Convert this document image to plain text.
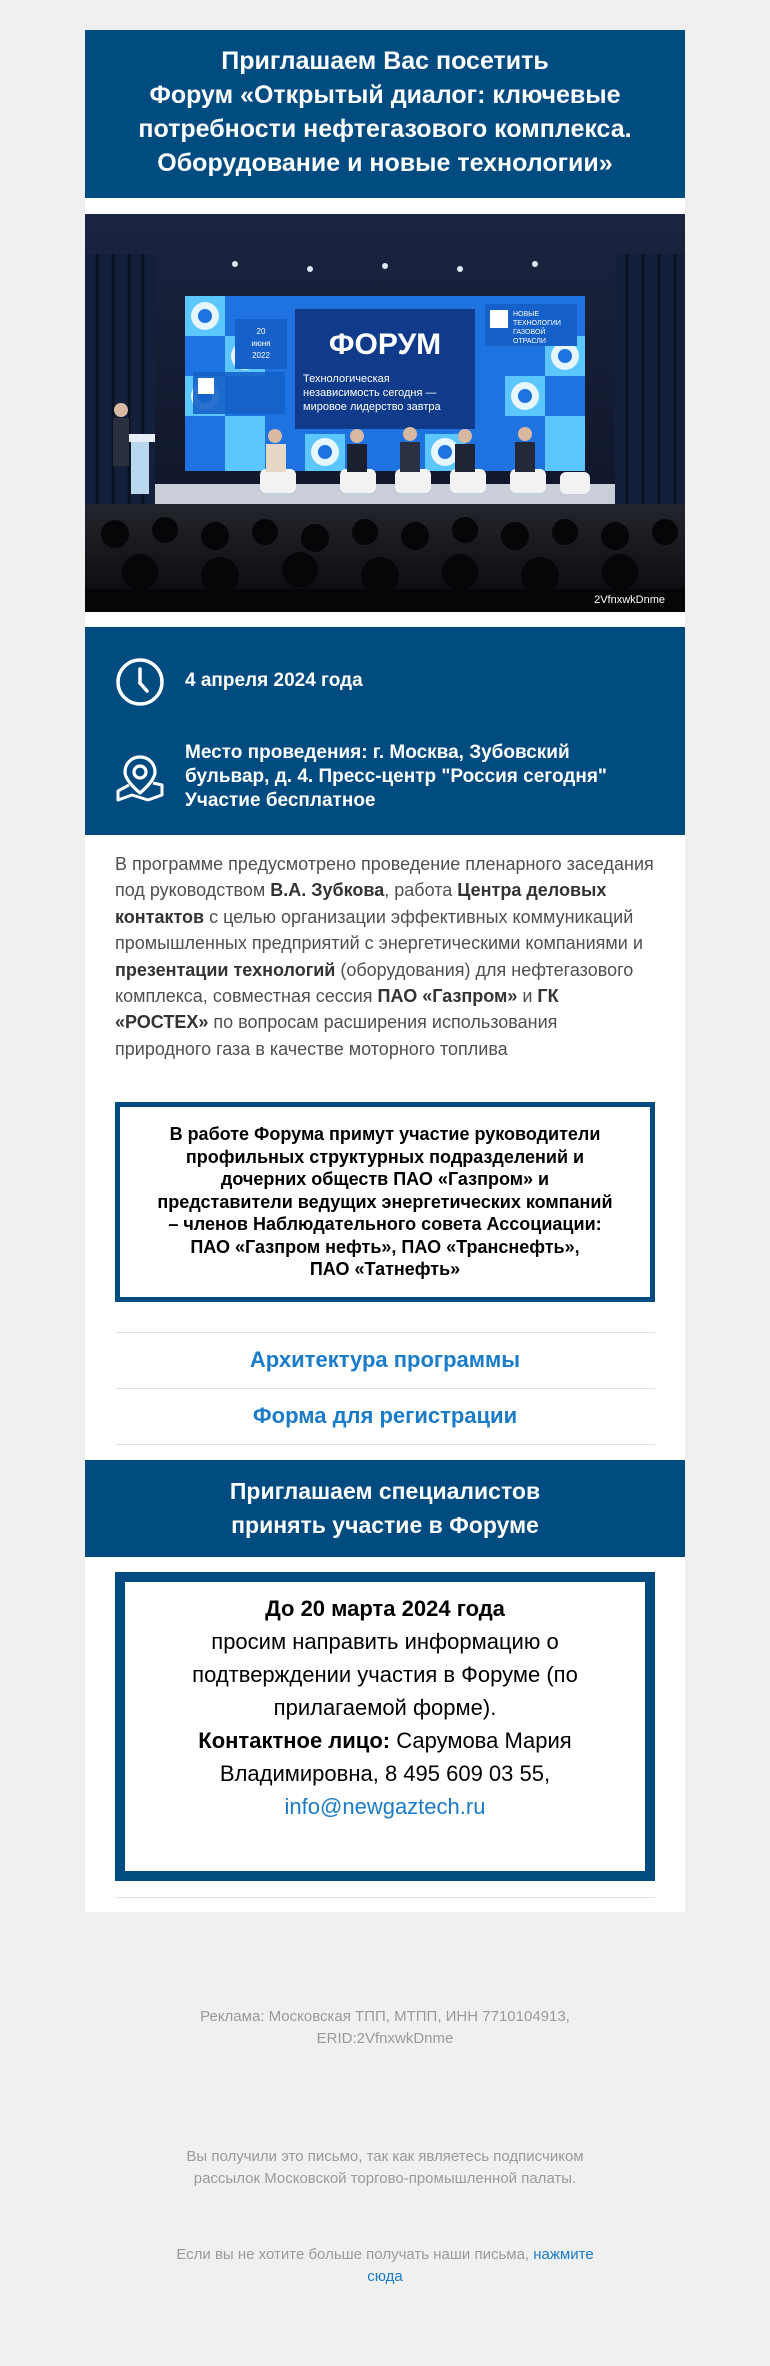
Приглашаем Вас посетить
Форум «Открытый диалог: ключевые
потребности нефтегазового комплекса.
Оборудование и новые технологии»
ФОРУМ
Технологическая
независимость сегодня —
мировое лидерство завтра
20
июня
2022
НОВЫЕ
ТЕХНОЛОГИИ
ГАЗОВОЙ
ОТРАСЛИ
2VfnxwkDnme
4 апреля 2024 года
Место проведения: г. Москва, Зубовский
бульвар, д. 4. Пресс-центр "Россия сегодня"
Участие бесплатное
В программе предусмотрено проведение пленарного заседания под руководством В.А. Зубкова, работа Центра деловых контактов с целью организации эффективных коммуникаций промышленных предприятий с энергетическими компаниями и презентации технологий (оборудования) для нефтегазового комплекса, совместная сессия ПАО «Газпром» и ГК «РОСТЕХ» по вопросам расширения использования природного газа в качестве моторного топлива
В работе Форума примут участие руководители
профильных структурных подразделений и
дочерних обществ ПАО «Газпром» и
представители ведущих энергетических компаний
– членов Наблюдательного совета Ассоциации:
ПАО «Газпром нефть», ПАО «Транснефть»,
ПАО «Татнефть»
Архитектура программы
Форма для регистрации
Приглашаем специалистов
принять участие в Форуме
До 20 марта 2024 года
просим направить информацию о
подтверждении участия в Форуме (по
прилагаемой форме).
Контактное лицо: Сарумова Мария
Владимировна, 8 495 609 03 55,
info@newgaztech.ru
Реклама: Московская ТПП, МТПП, ИНН 7710104913,
ERID:2VfnxwkDnme
Вы получили это письмо, так как являетесь подписчиком
рассылок Московской торгово-промышленной палаты.
Если вы не хотите больше получать наши письма, нажмите
сюда
